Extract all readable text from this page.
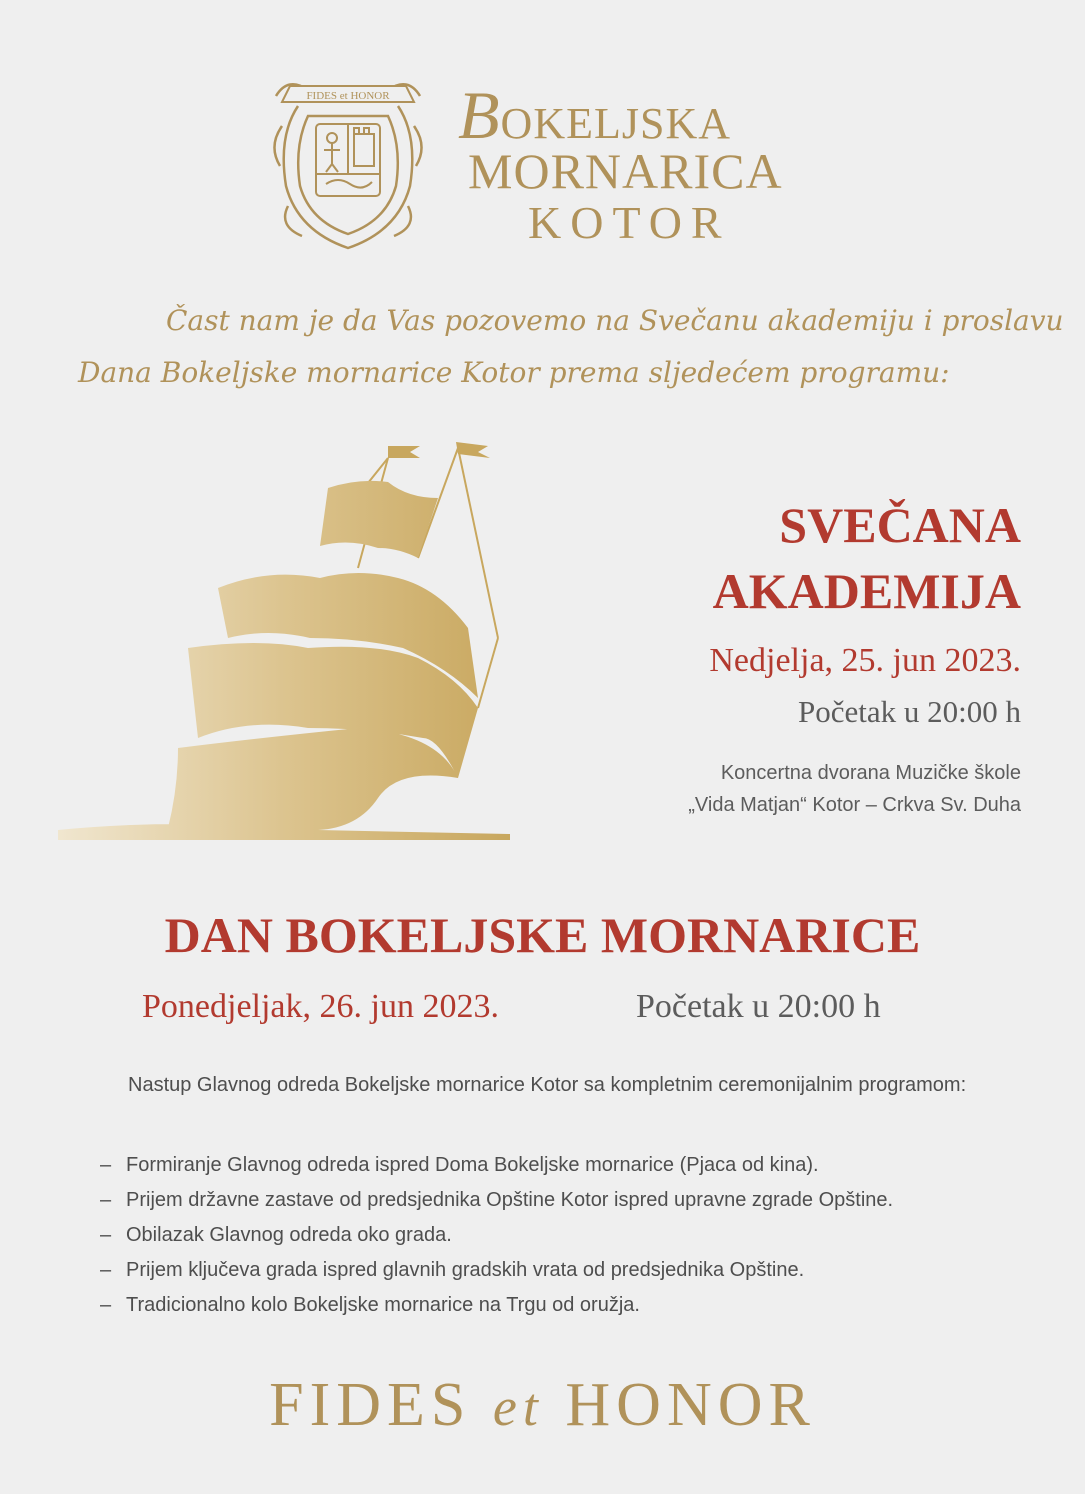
FIDES et HONOR BOKELJSKA
MORNARICA
KOTOR
Čast nam je da Vas pozovemo na Svečanu akademiju i proslavu
Dana Bokeljske mornarice Kotor prema sljedećem programu:
SVEČANA
AKADEMIJA
Nedjelja, 25. jun 2023.
Početak u 20:00 h
Koncertna dvorana Muzičke škole
„Vida Matjan“ Kotor – Crkva Sv. Duha
DAN BOKELJSKE MORNARICE
Ponedjeljak, 26. jun 2023.	Početak u 20:00 h
Nastup Glavnog odreda Bokeljske mornarice Kotor sa kompletnim ceremonijalnim programom:
– Formiranje Glavnog odreda ispred Doma Bokeljske mornarice (Pjaca od kina).
– Prijem državne zastave od predsjednika Opštine Kotor ispred upravne zgrade Opštine.
– Obilazak Glavnog odreda oko grada.
– Prijem ključeva grada ispred glavnih gradskih vrata od predsjednika Opštine.
– Tradicionalno kolo Bokeljske mornarice na Trgu od oružja.
FIDES et HONOR
